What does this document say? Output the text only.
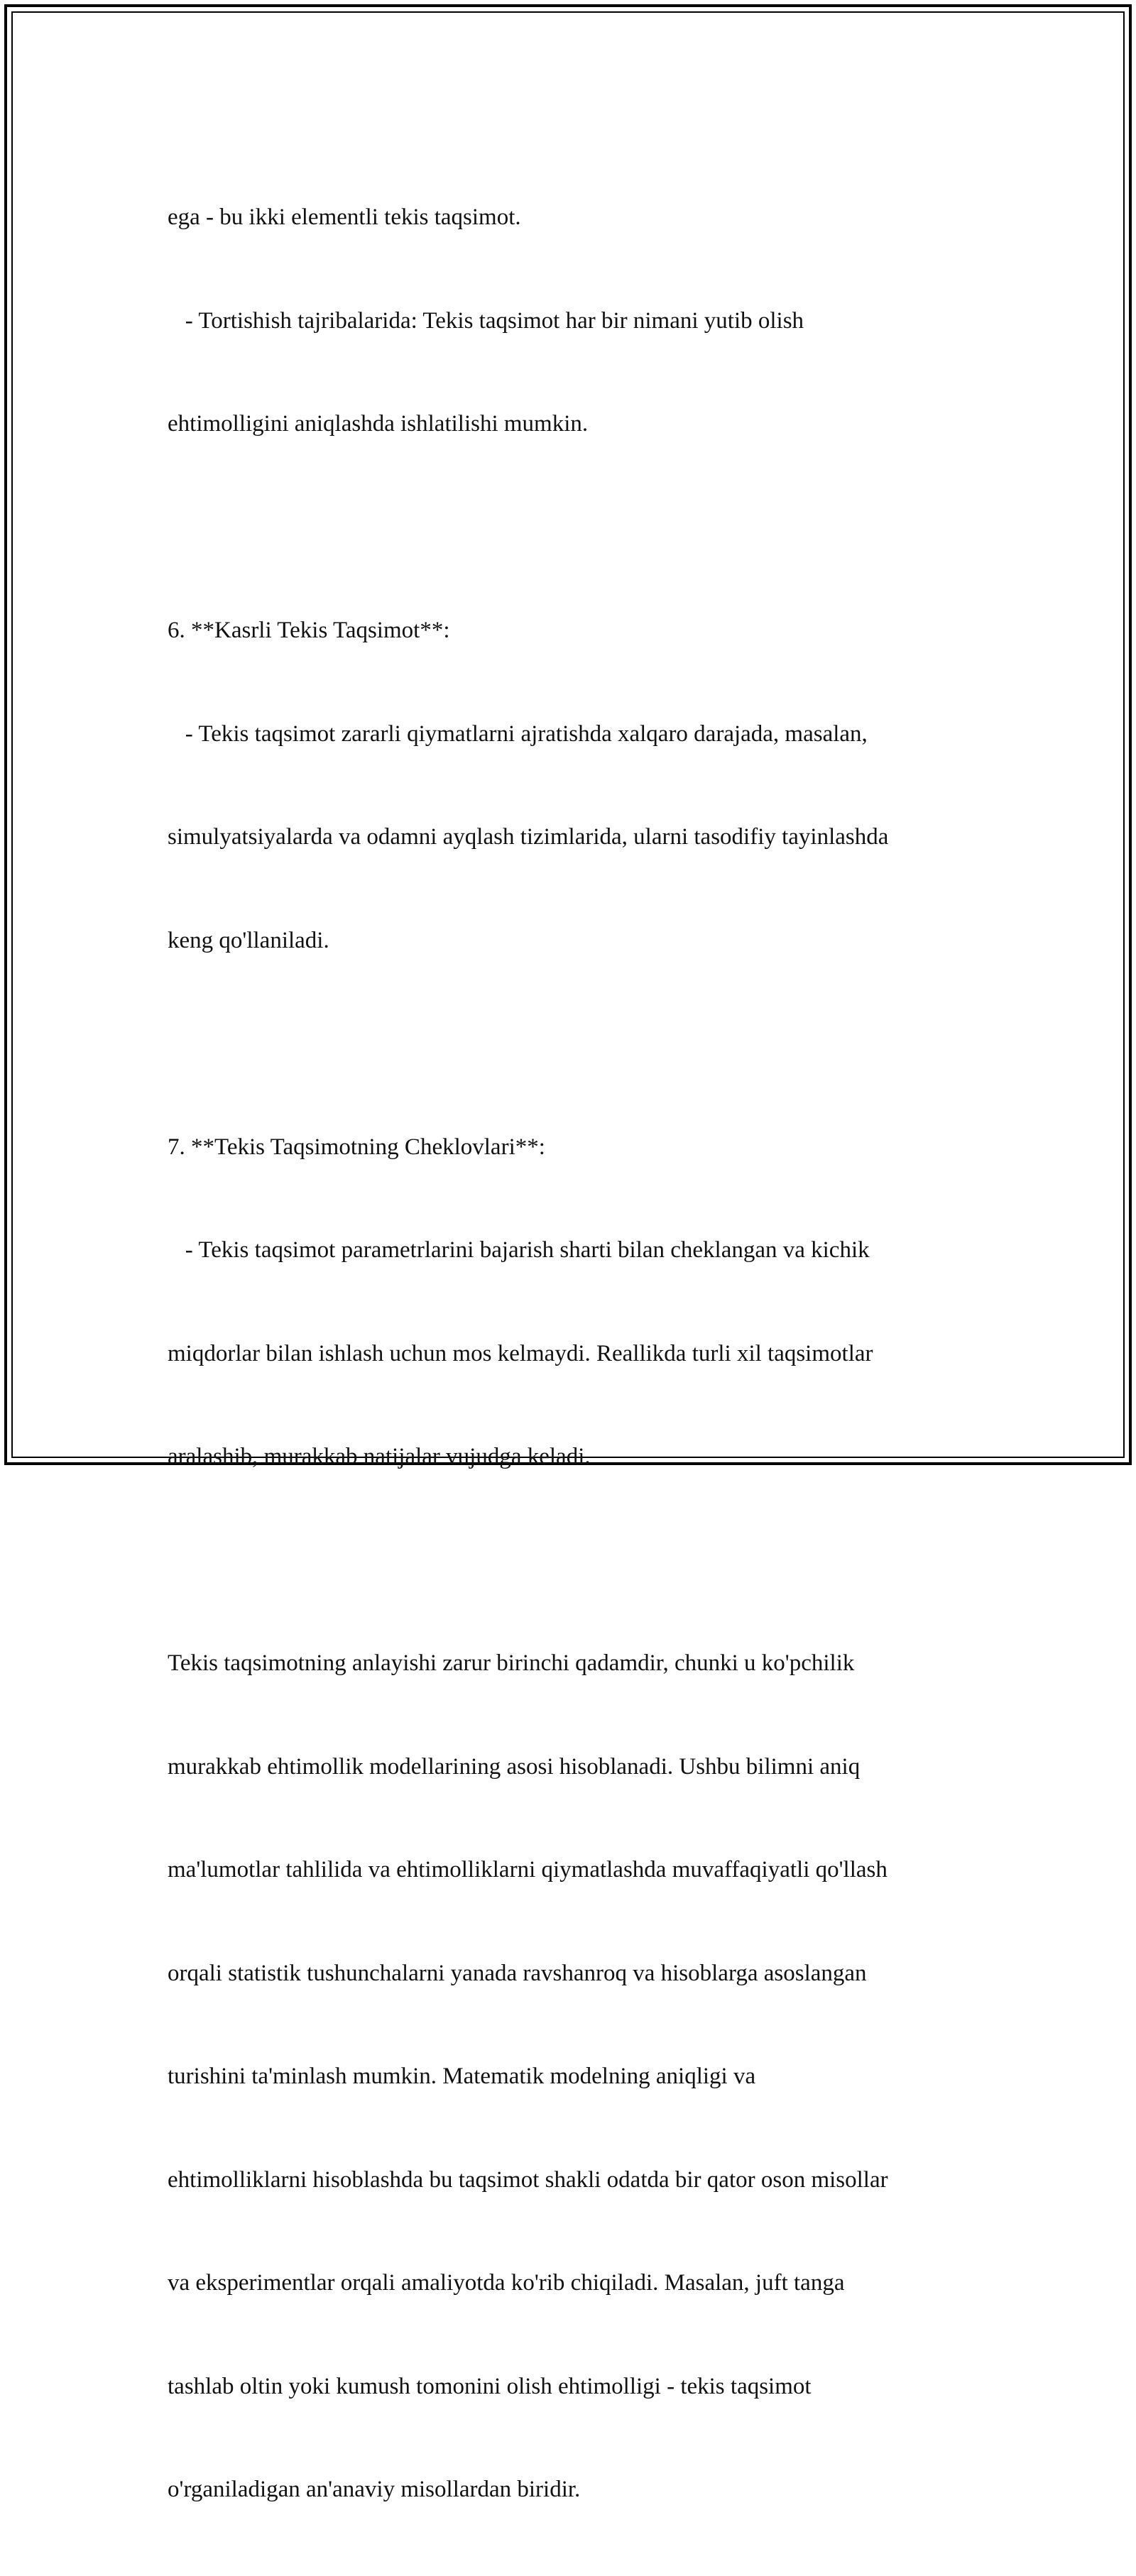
ega - bu ikki elementli tekis taqsimot.

- Tortishish tajribalarida: Tekis taqsimot har bir nimani yutib olish

ehtimolligini aniqlashda ishlatilishi mumkin.

6. **Kasrli Tekis Taqsimot**:

- Tekis taqsimot zararli qiymatlarni ajratishda xalqaro darajada, masalan,

simulyatsiyalarda va odamni ayqlash tizimlarida, ularni tasodifiy tayinlashda

keng qo'llaniladi.

7. **Tekis Taqsimotning Cheklovlari**:

- Tekis taqsimot parametrlarini bajarish sharti bilan cheklangan va kichik

miqdorlar bilan ishlash uchun mos kelmaydi. Reallikda turli xil taqsimotlar

aralashib, murakkab natijalar vujudga keladi.

Tekis taqsimotning anlayishi zarur birinchi qadamdir, chunki u ko'pchilik

murakkab ehtimollik modellarining asosi hisoblanadi. Ushbu bilimni aniq

ma'lumotlar tahlilida va ehtimolliklarni qiymatlashda muvaffaqiyatli qo'llash

orqali statistik tushunchalarni yanada ravshanroq va hisoblarga asoslangan

turishini ta'minlash mumkin. Matematik modelning aniqligi va

ehtimolliklarni hisoblashda bu taqsimot shakli odatda bir qator oson misollar

va eksperimentlar orqali amaliyotda ko'rib chiqiladi. Masalan, juft tanga

tashlab oltin yoki kumush tomonini olish ehtimolligi - tekis taqsimot

o'rganiladigan an'anaviy misollardan biridir.
